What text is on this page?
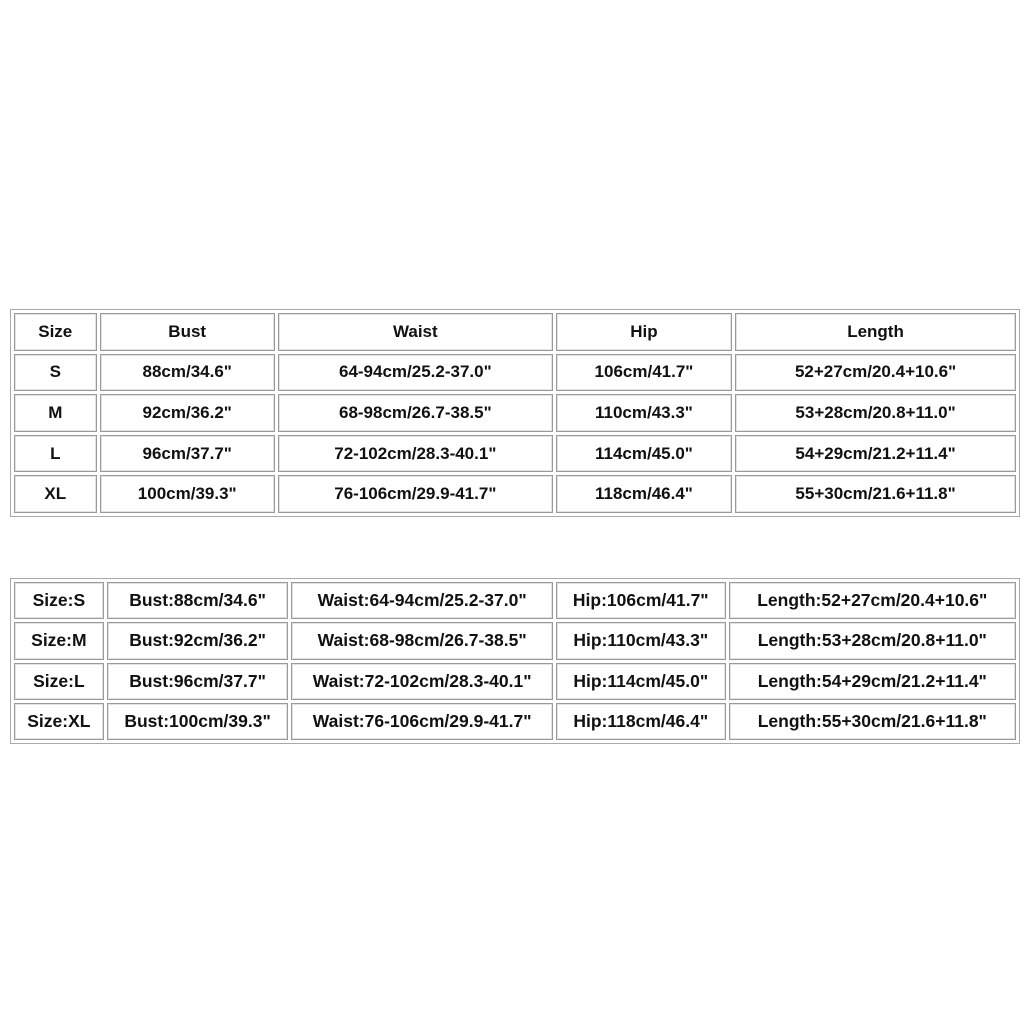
Size	Bust	Waist	Hip	Length
S	88cm/34.6"	64-94cm/25.2-37.0"	106cm/41.7"	52+27cm/20.4+10.6"
M	92cm/36.2"	68-98cm/26.7-38.5"	110cm/43.3"	53+28cm/20.8+11.0"
L	96cm/37.7"	72-102cm/28.3-40.1"	114cm/45.0"	54+29cm/21.2+11.4"
XL	100cm/39.3"	76-106cm/29.9-41.7"	118cm/46.4"	55+30cm/21.6+11.8"
Size:S	Bust:88cm/34.6"	Waist:64-94cm/25.2-37.0"	Hip:106cm/41.7"	Length:52+27cm/20.4+10.6"
Size:M	Bust:92cm/36.2"	Waist:68-98cm/26.7-38.5"	Hip:110cm/43.3"	Length:53+28cm/20.8+11.0"
Size:L	Bust:96cm/37.7"	Waist:72-102cm/28.3-40.1"	Hip:114cm/45.0"	Length:54+29cm/21.2+11.4"
Size:XL	Bust:100cm/39.3"	Waist:76-106cm/29.9-41.7"	Hip:118cm/46.4"	Length:55+30cm/21.6+11.8"
